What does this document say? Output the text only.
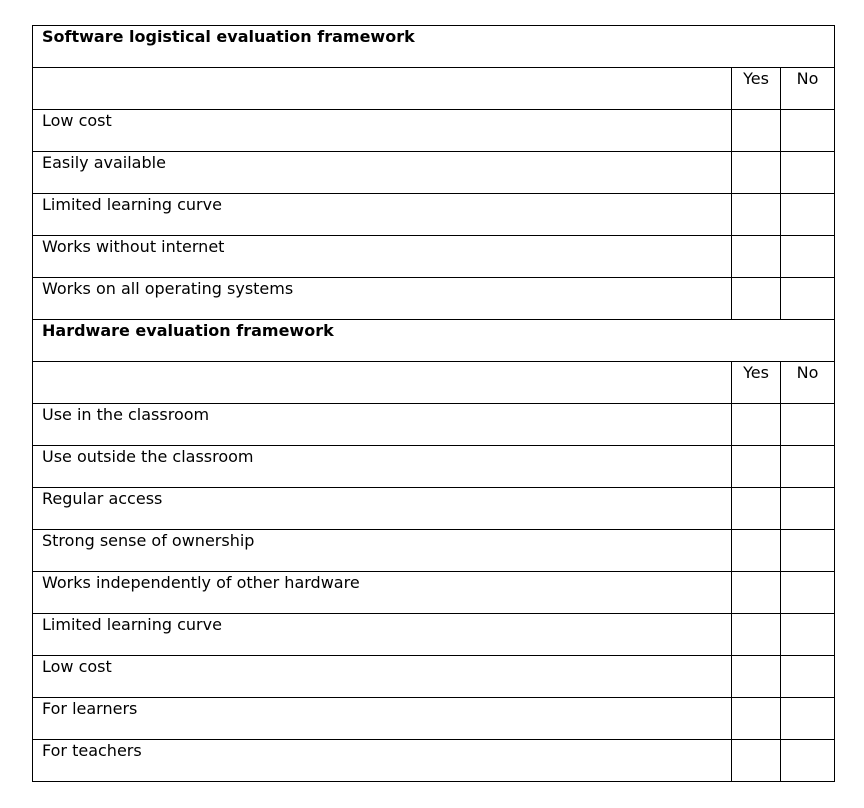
Software logistical evaluation framework		

	Yes	No

Low cost		

Easily available		

Limited learning curve		

Works without internet		

Works on all operating systems		

Hardware evaluation framework		

	Yes	No

Use in the classroom		

Use outside the classroom		

Regular access		

Strong sense of ownership		

Works independently of other hardware		

Limited learning curve		

Low cost		

For learners		

For teachers		
